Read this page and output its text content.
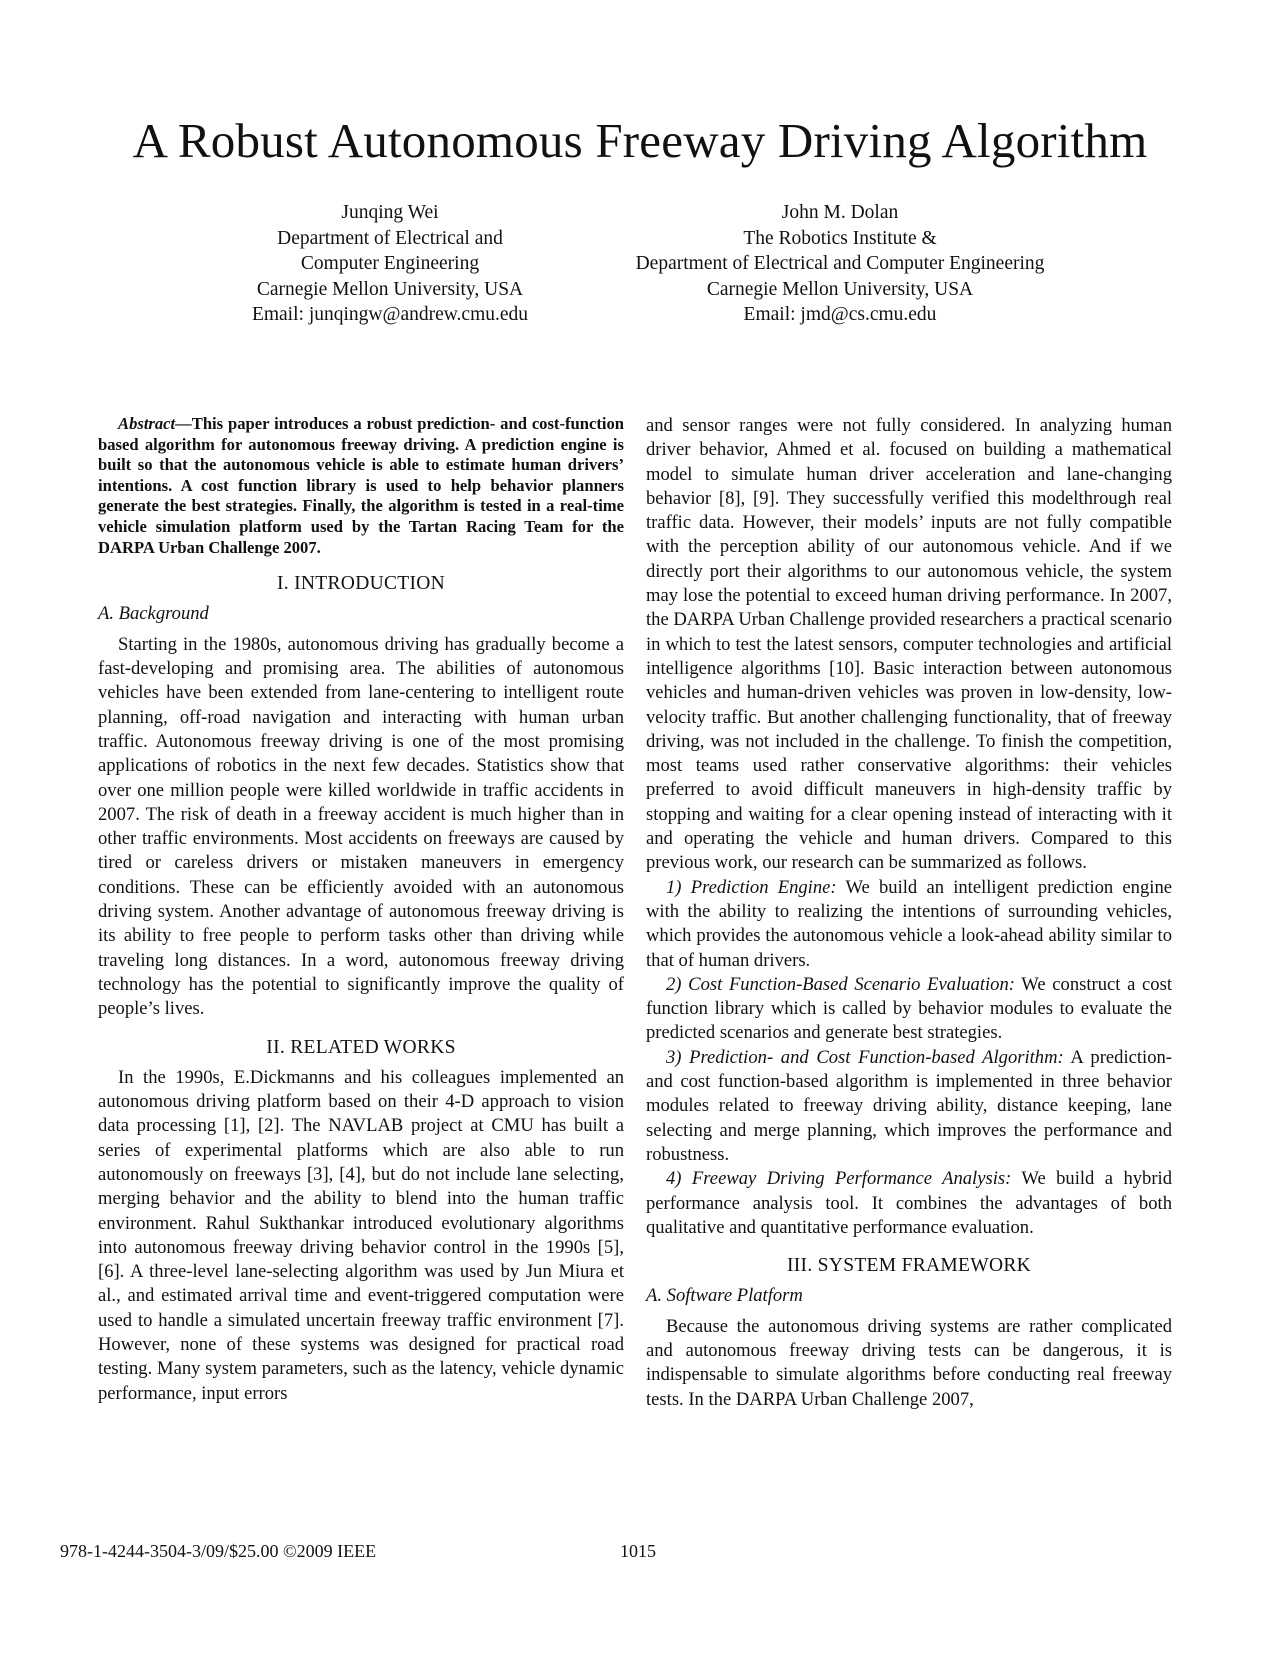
A Robust Autonomous Freeway Driving Algorithm
Junqing Wei
Department of Electrical and
Computer Engineering
Carnegie Mellon University, USA
Email: junqingw@andrew.cmu.edu
John M. Dolan
The Robotics Institute &
Department of Electrical and Computer Engineering
Carnegie Mellon University, USA
Email: jmd@cs.cmu.edu

Abstract—This paper introduces a robust prediction- and cost-function based algorithm for autonomous freeway driving. A prediction engine is built so that the autonomous vehicle is able to estimate human drivers’ intentions. A cost function library is used to help behavior planners generate the best strategies. Finally, the algorithm is tested in a real-time vehicle simulation platform used by the Tartan Racing Team for the DARPA Urban Challenge 2007.

I. INTRODUCTION
A. Background

Starting in the 1980s, autonomous driving has gradually become a fast-developing and promising area. The abilities of autonomous vehicles have been extended from lane-centering to intelligent route planning, off-road navigation and interacting with human urban traffic. Autonomous freeway driving is one of the most promising applications of robotics in the next few decades. Statistics show that over one million people were killed worldwide in traffic accidents in 2007. The risk of death in a freeway accident is much higher than in other traffic environments. Most accidents on freeways are caused by tired or careless drivers or mistaken maneuvers in emergency conditions. These can be efficiently avoided with an autonomous driving system. Another advantage of autonomous freeway driving is its ability to free people to perform tasks other than driving while traveling long distances. In a word, autonomous freeway driving technology has the potential to significantly improve the quality of people’s lives.

II. RELATED WORKS

In the 1990s, E.Dickmanns and his colleagues implemented an autonomous driving platform based on their 4-D approach to vision data processing [1], [2]. The NAVLAB project at CMU has built a series of experimental platforms which are also able to run autonomously on freeways [3], [4], but do not include lane selecting, merging behavior and the ability to blend into the human traffic environment. Rahul Sukthankar introduced evolutionary algorithms into autonomous freeway driving behavior control in the 1990s [5], [6]. A three-level lane-selecting algorithm was used by Jun Miura et al., and estimated arrival time and event-triggered computation were used to handle a simulated uncertain freeway traffic environment [7]. However, none of these systems was designed for practical road testing. Many system parameters, such as the latency, vehicle dynamic performance, input errors

and sensor ranges were not fully considered. In analyzing human driver behavior, Ahmed et al. focused on building a mathematical model to simulate human driver acceleration and lane-changing behavior [8], [9]. They successfully verified this modelthrough real traffic data. However, their models’ inputs are not fully compatible with the perception ability of our autonomous vehicle. And if we directly port their algorithms to our autonomous vehicle, the system may lose the potential to exceed human driving performance. In 2007, the DARPA Urban Challenge provided researchers a practical scenario in which to test the latest sensors, computer technologies and artificial intelligence algorithms [10]. Basic interaction between autonomous vehicles and human-driven vehicles was proven in low-density, low-velocity traffic. But another challenging functionality, that of freeway driving, was not included in the challenge. To finish the competition, most teams used rather conservative algorithms: their vehicles preferred to avoid difficult maneuvers in high-density traffic by stopping and waiting for a clear opening instead of interacting with it and operating the vehicle and human drivers. Compared to this previous work, our research can be summarized as follows.

1) Prediction Engine: We build an intelligent prediction engine with the ability to realizing the intentions of surrounding vehicles, which provides the autonomous vehicle a look-ahead ability similar to that of human drivers.

2) Cost Function-Based Scenario Evaluation: We construct a cost function library which is called by behavior modules to evaluate the predicted scenarios and generate best strategies.

3) Prediction- and Cost Function-based Algorithm: A prediction- and cost function-based algorithm is implemented in three behavior modules related to freeway driving ability, distance keeping, lane selecting and merge planning, which improves the performance and robustness.

4) Freeway Driving Performance Analysis: We build a hybrid performance analysis tool. It combines the advantages of both qualitative and quantitative performance evaluation.

III. SYSTEM FRAMEWORK
A. Software Platform

Because the autonomous driving systems are rather complicated and autonomous freeway driving tests can be dangerous, it is indispensable to simulate algorithms before conducting real freeway tests. In the DARPA Urban Challenge 2007,

978-1-4244-3504-3/09/$25.00 ©2009 IEEE	1015
